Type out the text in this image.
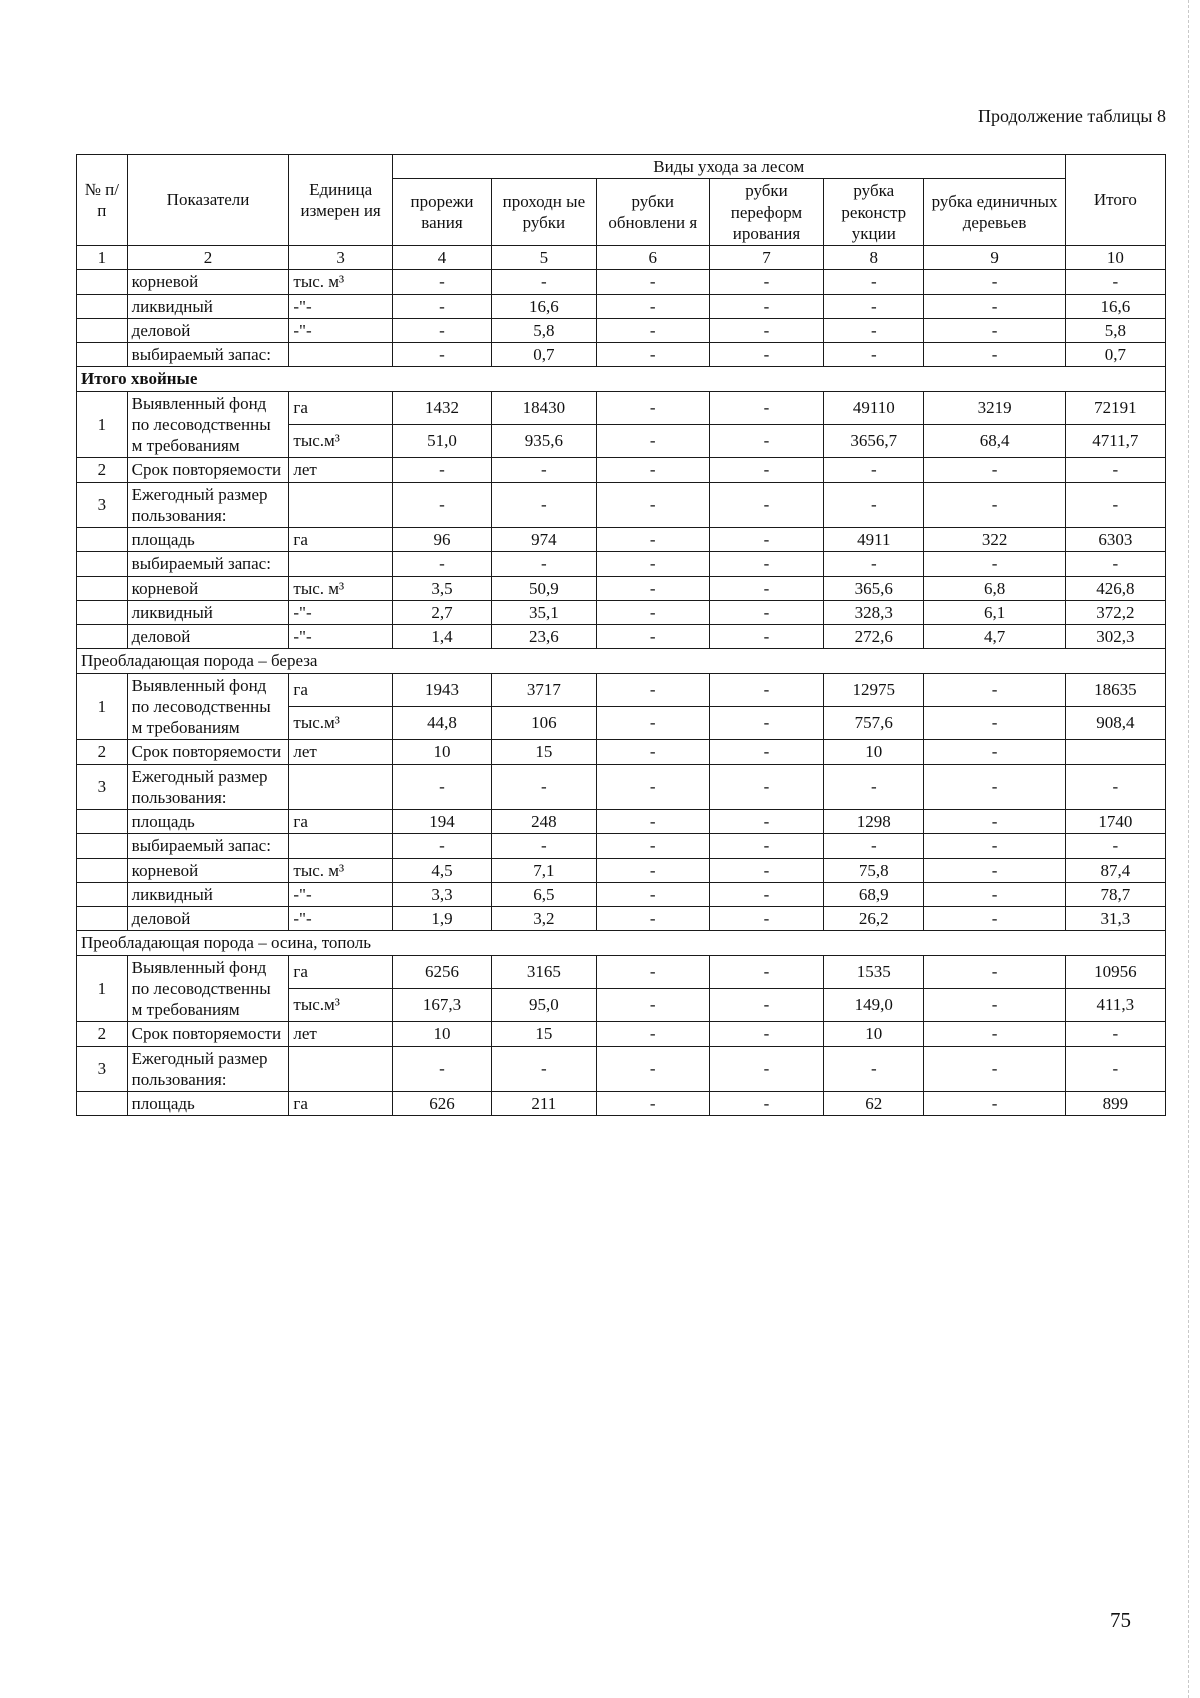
Продолжение таблицы 8
№ п/п	Показатели	Единица измерен ия	Виды ухода за лесом						Итого
			прорежи вания	проходн ые рубки	рубки обновлени я	рубки переформ ирования	рубка реконстр укции	рубка единичных деревьев	
1	2	3	4	5	6	7	8	9	10
	корневой	тыс. м³	-	-	-	-	-	-	-
	ликвидный	-"-	-	16,6	-	-	-	-	16,6
	деловой	-"-	-	5,8	-	-	-	-	5,8
	выбираемый запас:		-	0,7	-	-	-	-	0,7
Итого хвойные									
1	Выявленный фонд по лесоводственны м требованиям	га	1432	18430	-	-	49110	3219	72191
		тыс.м³	51,0	935,6	-	-	3656,7	68,4	4711,7
2	Срок повторяемости	лет	-	-	-	-	-	-	-
3	Ежегодный размер пользования:		-	-	-	-	-	-	-
	площадь	га	96	974	-	-	4911	322	6303
	выбираемый запас:		-	-	-	-	-	-	-
	корневой	тыс. м³	3,5	50,9	-	-	365,6	6,8	426,8
	ликвидный	-"-	2,7	35,1	-	-	328,3	6,1	372,2
	деловой	-"-	1,4	23,6	-	-	272,6	4,7	302,3
Преобладающая порода – береза									
1	Выявленный фонд по лесоводственны м требованиям	га	1943	3717	-	-	12975	-	18635
		тыс.м³	44,8	106	-	-	757,6	-	908,4
2	Срок повторяемости	лет	10	15	-	-	10	-	
3	Ежегодный размер пользования:		-	-	-	-	-	-	-
	площадь	га	194	248	-	-	1298	-	1740
	выбираемый запас:		-	-	-	-	-	-	-
	корневой	тыс. м³	4,5	7,1	-	-	75,8	-	87,4
	ликвидный	-"-	3,3	6,5	-	-	68,9	-	78,7
	деловой	-"-	1,9	3,2	-	-	26,2	-	31,3
Преобладающая порода – осина, тополь									
1	Выявленный фонд по лесоводственны м требованиям	га	6256	3165	-	-	1535	-	10956
		тыс.м³	167,3	95,0	-	-	149,0	-	411,3
2	Срок повторяемости	лет	10	15	-	-	10	-	-
3	Ежегодный размер пользования:		-	-	-	-	-	-	-
	площадь	га	626	211	-	-	62	-	899
75
